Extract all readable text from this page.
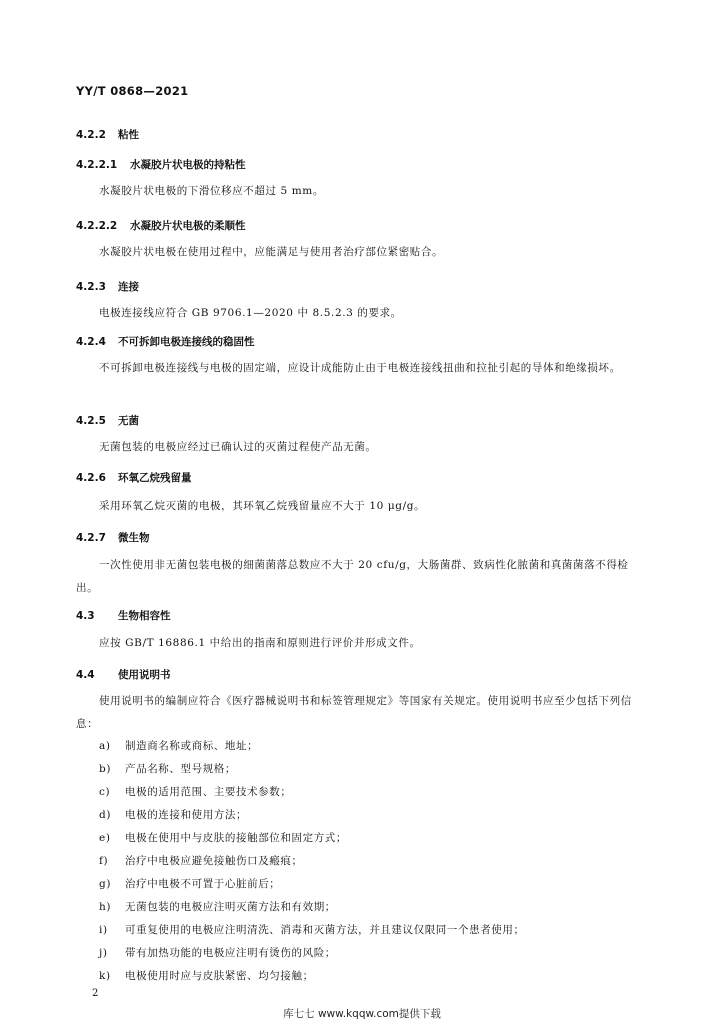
YY/T 0868—2021
4.2.2 粘性
4.2.2.1 水凝胶片状电极的持粘性
水凝胶片状电极的下滑位移应不超过 5 mm。
4.2.2.2 水凝胶片状电极的柔顺性
水凝胶片状电极在使用过程中，应能满足与使用者治疗部位紧密贴合。
4.2.3 连接
电极连接线应符合 GB 9706.1—2020 中 8.5.2.3 的要求。
4.2.4 不可拆卸电极连接线的稳固性
不可拆卸电极连接线与电极的固定端，应设计成能防止由于电极连接线扭曲和拉扯引起的导体和绝缘损坏。
4.2.5 无菌
无菌包装的电极应经过已确认过的灭菌过程使产品无菌。
4.2.6 环氧乙烷残留量
采用环氧乙烷灭菌的电极，其环氧乙烷残留量应不大于 10 μg/g。
4.2.7 微生物
一次性使用非无菌包装电极的细菌菌落总数应不大于 20 cfu/g，大肠菌群、致病性化脓菌和真菌菌落不得检出。
4.3 生物相容性
应按 GB/T 16886.1 中给出的指南和原则进行评价并形成文件。
4.4 使用说明书
使用说明书的编制应符合《医疗器械说明书和标签管理规定》等国家有关规定。使用说明书应至少包括下列信息：
a) 制造商名称或商标、地址；
b) 产品名称、型号规格；
c) 电极的适用范围、主要技术参数；
d) 电极的连接和使用方法；
e) 电极在使用中与皮肤的接触部位和固定方式；
f) 治疗中电极应避免接触伤口及瘢痕；
g) 治疗中电极不可置于心脏前后；
h) 无菌包装的电极应注明灭菌方法和有效期；
i) 可重复使用的电极应注明清洗、消毒和灭菌方法，并且建议仅限同一个患者使用；
j) 带有加热功能的电极应注明有烫伤的风险；
k) 电极使用时应与皮肤紧密、均匀接触；
2
库七七 www.kqqw.com提供下载
